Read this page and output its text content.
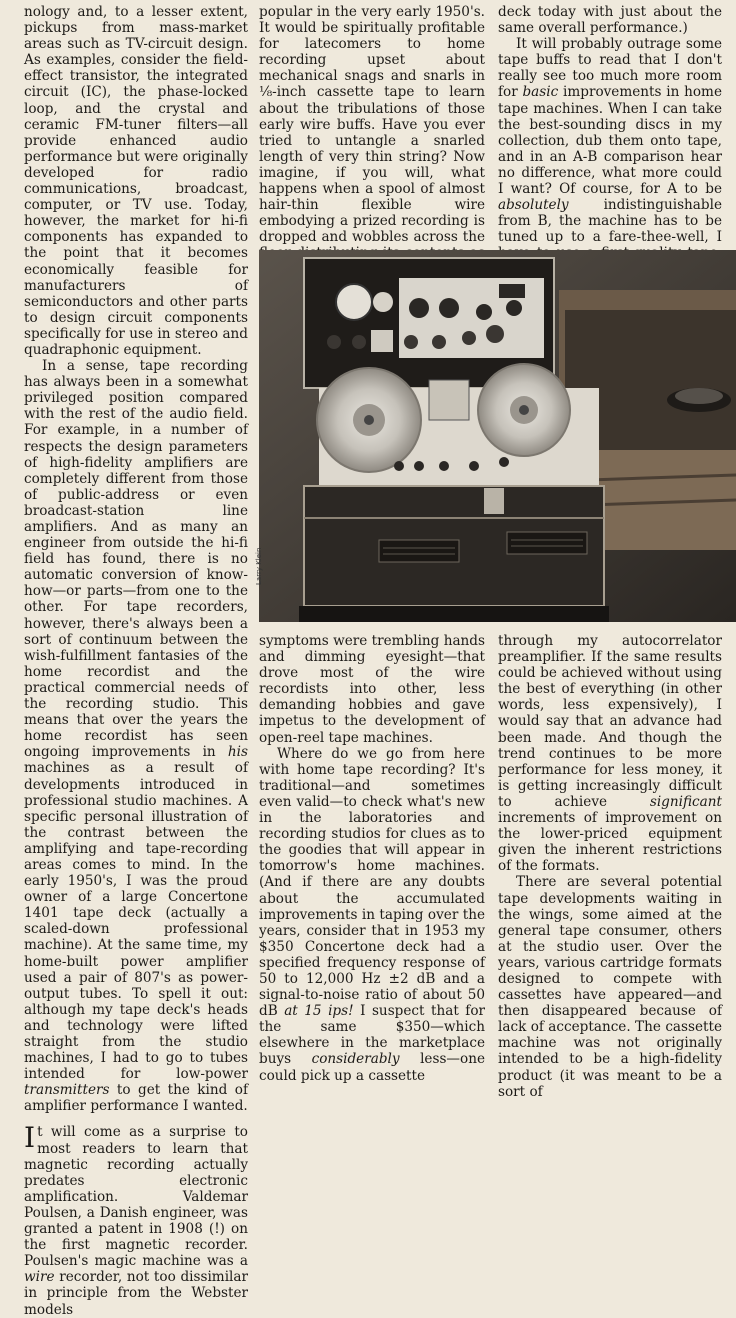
nology and, to a lesser extent, pickups from mass-market areas such as TV-circuit design. As examples, consider the field-effect transistor, the integrated circuit (IC), the phase-locked loop, and the crystal and ceramic FM-tuner filters—all provide enhanced audio performance but were originally developed for radio communications, broadcast, computer, or TV use. Today, however, the market for hi-fi components has expanded to the point that it becomes economically feasible for manufacturers of semiconductors and other parts to design circuit components specifically for use in stereo and quadraphonic equipment.

In a sense, tape recording has always been in a somewhat privileged position compared with the rest of the audio field. For example, in a number of respects the design parameters of high-fidelity amplifiers are completely different from those of public-address or even broadcast-station line amplifiers. And as many an engineer from outside the hi-fi field has found, there is no automatic conversion of know-how—or parts—from one to the other. For tape recorders, however, there's always been a sort of continuum between the wish-fulfillment fantasies of the home recordist and the practical commercial needs of the recording studio. This means that over the years the home recordist has seen ongoing improvements in his machines as a result of developments introduced in professional studio machines. A specific personal illustration of the contrast between the amplifying and tape-recording areas comes to mind. In the early 1950's, I was the proud owner of a large Concertone 1401 tape deck (actually a scaled-down professional machine). At the same time, my home-built power amplifier used a pair of 807's as power-output tubes. To spell it out: although my tape deck's heads and technology were lifted straight from the studio machines, I had to go to tubes intended for low-power transmitters to get the kind of amplifier performance I wanted.

It will come as a surprise to most readers to learn that magnetic recording actually predates electronic amplification. Valdemar Poulsen, a Danish engineer, was granted a patent in 1908 (!) on the first magnetic recorder. Poulsen's magic machine was a wire recorder, not too dissimilar in principle from the Webster models

popular in the very early 1950's. It would be spiritually profitable for latecomers to home recording upset about mechanical snags and snarls in ¹⁄₈-inch cassette tape to learn about the tribulations of those early wire buffs. Have you ever tried to untangle a snarled length of very thin string? Now imagine, if you will, what happens when a spool of almost hair-thin flexible wire embodying a prized recording is dropped and wobbles across the

deck today with just about the same overall performance.)

It will probably outrage some tape buffs to read that I don't really see too much more room for basic improvements in home tape machines. When I can take the best-sounding discs in my collection, dub them onto tape, and in an A-B comparison hear no difference, what more could I want? Of course, for A to be absolutely	indistinguishable from B, the machine has to be tuned up to a fare-thee-well, I

Larry Klein

symptoms were trembling hands and dimming eyesight—that drove most of the wire recordists into other, less demanding hobbies and gave impetus to the development of open-reel tape machines.

Where do we go from here with home tape recording? It's traditional—and sometimes even valid—to check what's new in the laboratories and recording studios for clues as to the goodies that will appear in tomorrow's home machines. (And if there are any doubts about the accumulated improvements in taping over the years, consider that in 1953 my $350 Concertone deck had a specified frequency response of 50 to 12,000 Hz ±2 dB and a signal-to-noise ratio of about 50 dB at 15 ips! I suspect that for the same $350—which elsewhere in the marketplace buys considerably less—one could pick up a cassette

through my autocorrelator preamplifier. If the same results could be achieved without using the best of everything (in other words, less expensively), I would say that an advance had been made. And though the trend continues to be more performance for less money, it is getting increasingly difficult to achieve significant increments of improvement on the lower-priced equipment given the inherent restrictions of the formats.

There are several potential tape developments waiting in the wings, some aimed at the general tape consumer, others at the studio user. Over the years, various cartridge formats designed to compete with cassettes have appeared—and then disappeared because of lack of acceptance. The cassette machine was not originally intended to be a high-fidelity product (it was meant to be a sort of
